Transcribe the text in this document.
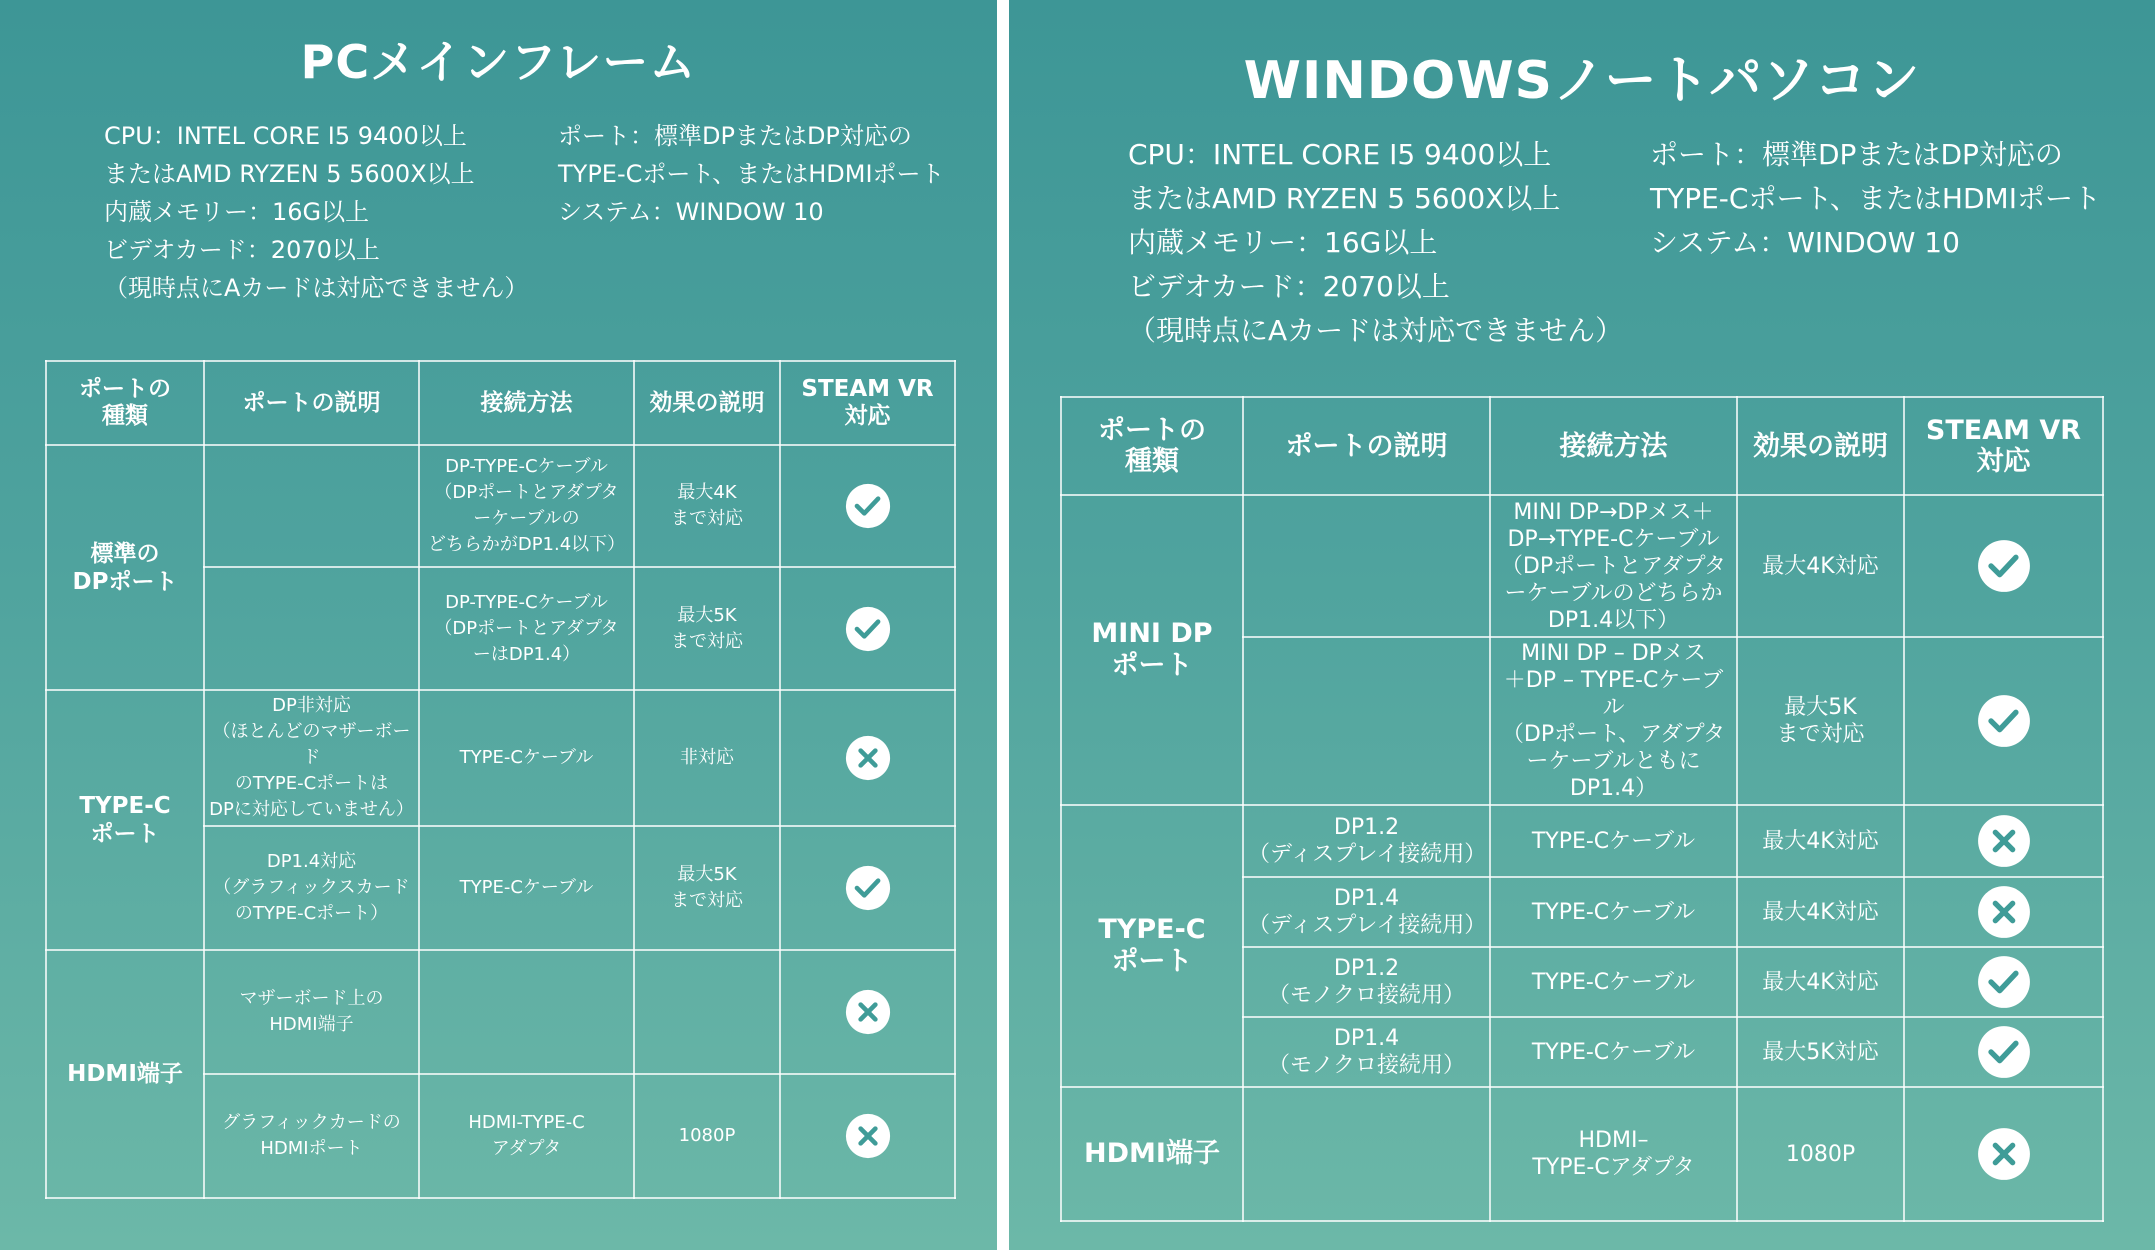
PCメインフレーム
CPU：INTEL CORE I5 9400以上
またはAMD RYZEN 5 5600X以上
内蔵メモリー：16G以上
ビデオカード：2070以上
（現時点にAカードは対応できません）
ポート：標準DPまたはDP対応の
TYPE-Cポート、またはHDMIポート
システム：WINDOW 10
ポートの
種類	ポートの説明	接続方法	効果の説明	STEAM VR
対応
標準の
DPポート		DP-TYPE-Cケーブル
（DPポートとアダプタ
ーケーブルの
どちらかがDP1.4以下）	最大4K
まで対応	
		DP-TYPE-Cケーブル
（DPポートとアダプタ
ーはDP1.4）	最大5K
まで対応	
TYPE-C
ポート	DP非対応
（ほとんどのマザーボード
のTYPE-Cポートは
DPに対応していません）	TYPE-Cケーブル	非対応	
	DP1.4対応
（グラフィックスカード
のTYPE-Cポート）	TYPE-Cケーブル	最大5K
まで対応	
HDMI端子	マザーボード上の
HDMI端子			
	グラフィックカードの
HDMIポート	HDMI-TYPE-C
アダプタ	1080P	
WINDOWSノートパソコン
CPU：INTEL CORE I5 9400以上
またはAMD RYZEN 5 5600X以上
内蔵メモリー：16G以上
ビデオカード：2070以上
（現時点にAカードは対応できません）
ポート：標準DPまたはDP対応の
TYPE-Cポート、またはHDMIポート
システム：WINDOW 10
ポートの
種類	ポートの説明	接続方法	効果の説明	STEAM VR
対応
MINI DP
ポート		MINI DP→DPメス＋
DP→TYPE-Cケーブル
（DPポートとアダプタ
ーケーブルのどちらか
DP1.4以下）	最大4K対応	
		MINI DP – DPメス
＋DP – TYPE-Cケーブル
（DPポート、アダプタ
ーケーブルともにDP1.4）	最大5K
まで対応	
TYPE-C
ポート	DP1.2
（ディスプレイ接続用）	TYPE-Cケーブル	最大4K対応	
	DP1.4
（ディスプレイ接続用）	TYPE-Cケーブル	最大4K対応	
	DP1.2
（モノクロ接続用）	TYPE-Cケーブル	最大4K対応	
	DP1.4
（モノクロ接続用）	TYPE-Cケーブル	最大5K対応	
HDMI端子		HDMI–
TYPE-Cアダプタ	1080P	
